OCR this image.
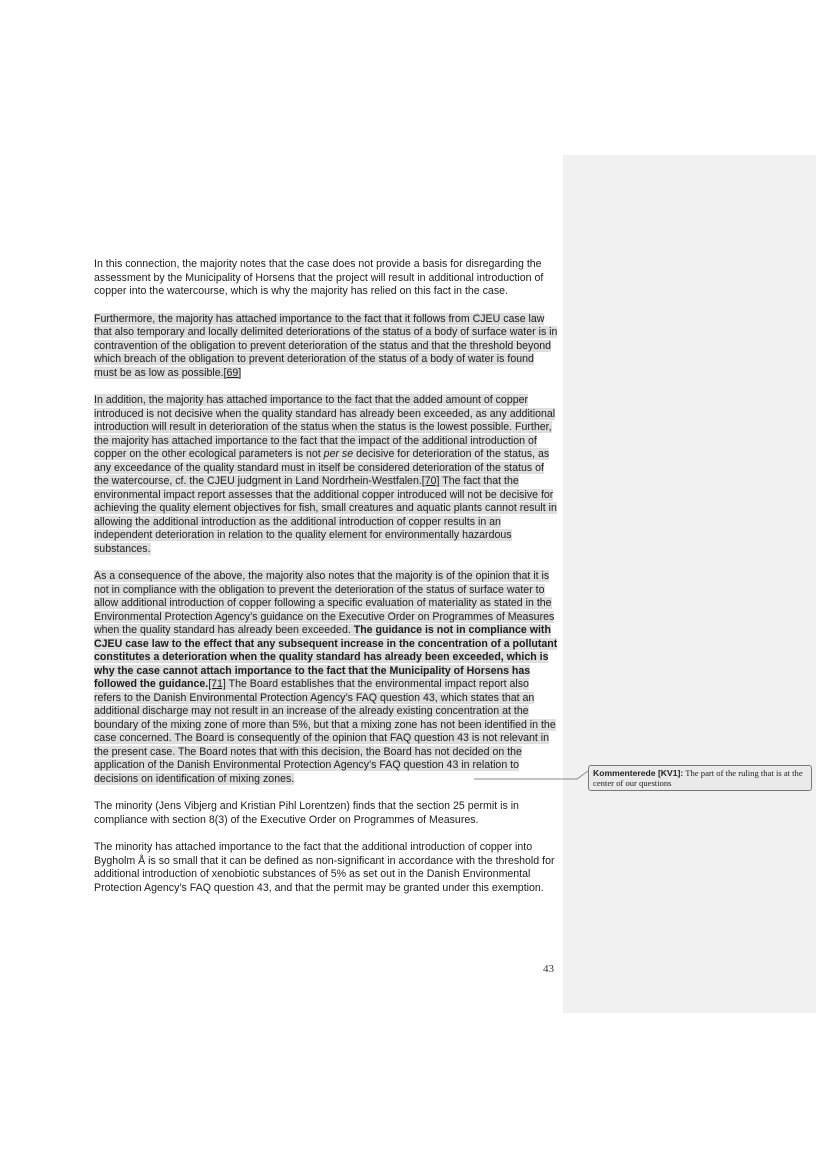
In this connection, the majority notes that the case does not provide a basis for disregarding the assessment by the Municipality of Horsens that the project will result in additional introduction of copper into the watercourse, which is why the majority has relied on this fact in the case.

Furthermore, the majority has attached importance to the fact that it follows from CJEU case law that also temporary and locally delimited deteriorations of the status of a body of surface water is in contravention of the obligation to prevent deterioration of the status and that the threshold beyond which breach of the obligation to prevent deterioration of the status of a body of water is found must be as low as possible.[69]

In addition, the majority has attached importance to the fact that the added amount of copper introduced is not decisive when the quality standard has already been exceeded, as any additional introduction will result in deterioration of the status when the status is the lowest possible. Further, the majority has attached importance to the fact that the impact of the additional introduction of copper on the other ecological parameters is not per se decisive for deterioration of the status, as any exceedance of the quality standard must in itself be considered deterioration of the status of the watercourse, cf. the CJEU judgment in Land Nordrhein-Westfalen.[70] The fact that the environmental impact report assesses that the additional copper introduced will not be decisive for achieving the quality element objectives for fish, small creatures and aquatic plants cannot result in allowing the additional introduction as the additional introduction of copper results in an independent deterioration in relation to the quality element for environmentally hazardous substances.

As a consequence of the above, the majority also notes that the majority is of the opinion that it is not in compliance with the obligation to prevent the deterioration of the status of surface water to allow additional introduction of copper following a specific evaluation of materiality as stated in the Environmental Protection Agency’s guidance on the Executive Order on Programmes of Measures when the quality standard has already been exceeded. The guidance is not in compliance with CJEU case law to the effect that any subsequent increase in the concentration of a pollutant constitutes a deterioration when the quality standard has already been exceeded, which is why the case cannot attach importance to the fact that the Municipality of Horsens has followed the guidance.[71] The Board establishes that the environmental impact report also refers to the Danish Environmental Protection Agency’s FAQ question 43, which states that an additional discharge may not result in an increase of the already existing concentration at the boundary of the mixing zone of more than 5%, but that a mixing zone has not been identified in the case concerned. The Board is consequently of the opinion that FAQ question 43 is not relevant in the present case. The Board notes that with this decision, the Board has not decided on the application of the Danish Environmental Protection Agency’s FAQ question 43 in relation to decisions on identification of mixing zones.

The minority (Jens Vibjerg and Kristian Pihl Lorentzen) finds that the section 25 permit is in compliance with section 8(3) of the Executive Order on Programmes of Measures.

The minority has attached importance to the fact that the additional introduction of copper into Bygholm Å is so small that it can be defined as non-significant in accordance with the threshold for additional introduction of xenobiotic substances of 5% as set out in the Danish Environmental Protection Agency’s FAQ question 43, and that the permit may be granted under this exemption.

Kommenterede [KV1]: The part of the ruling that is at the center of our questions
43
